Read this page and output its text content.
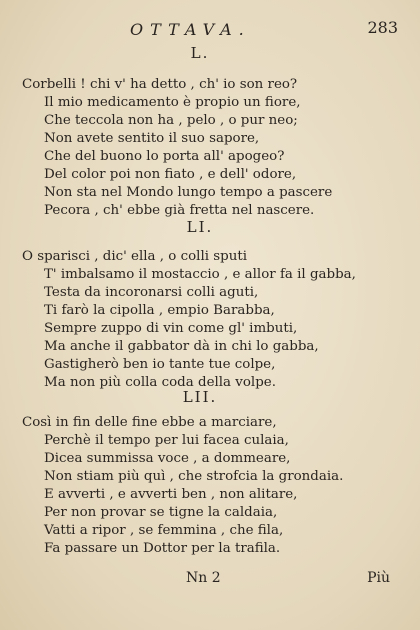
OTTAVA.	283
L.
Corbelli ! chi v' ha detto , ch' io son reo?
Il mio medicamento è propio un fiore,
Che teccola non ha , pelo , o pur neo;
Non avete sentito il suo sapore,
Che del buono lo porta all' apogeo?
Del color poi non fiato , e dell' odore,
Non sta nel Mondo lungo tempo a pascere
Pecora , ch' ebbe già fretta nel nascere.
LI.
O sparisci , dic' ella , o colli sputi
T' imbalsamo il mostaccio , e allor fa il gabba,
Testa da incoronarsi colli aguti,
Ti farò la cipolla , empio Barabba,
Sempre zuppo di vin come gl' imbuti,
Ma anche il gabbator dà in chi lo gabba,
Gastigherò ben io tante tue colpe,
Ma non più colla coda della volpe.
LII.
Così in fin delle fine ebbe a marciare,
Perchè il tempo per lui facea culaia,
Dicea summissa voce , a dommeare,
Non stiam più quì , che strofcia la grondaia.
E avverti , e avverti ben , non alitare,
Per non provar se tigne la caldaia,
Vatti a ripor , se femmina , che fila,
Fa passare un Dottor per la trafila.
Nn 2	Più
